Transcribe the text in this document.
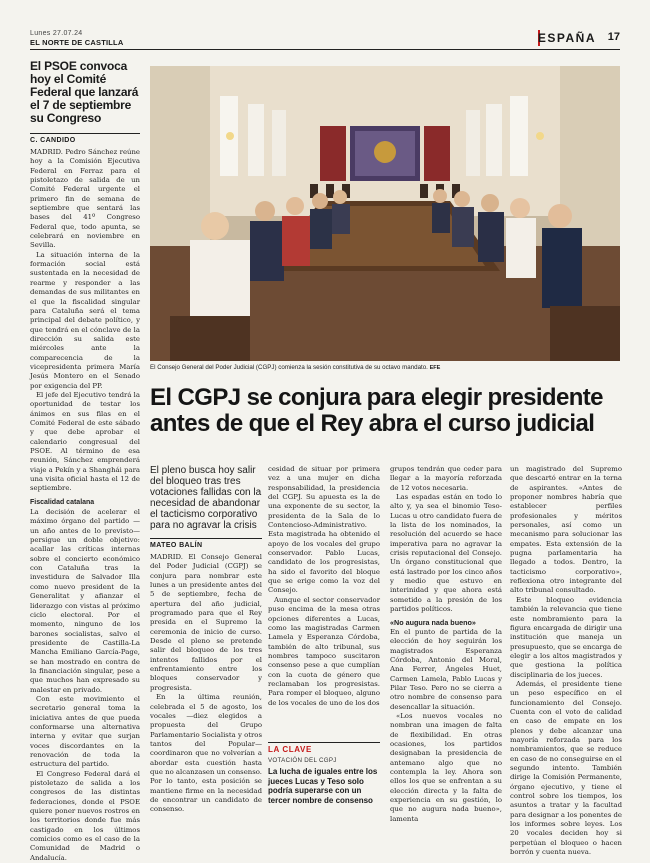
Lunes 27.07.24
EL NORTE DE CASTILLA	ESPAÑA 17
El PSOE convoca hoy el Comité Federal que lanzará el 7 de septiembre su Congreso
C. CANDIDO

MADRID. Pedro Sánchez reúne hoy a la Comisión Ejecutiva Federal en Ferraz para el pistoletazo de salida de un Comité Federal urgente el primero fin de semana de septiembre que sentará las bases del 41º Congreso Federal que, todo apunta, se celebrará en noviembre en Sevilla.

La situación interna de la formación social está sustentada en la necesidad de rearme y responder a las demandas de sus militantes en el que la fiscalidad singular para Cataluña será el tema principal del debate político, y que tendrá en el cónclave de la dirección su salida este miércoles ante la comparecencia de la vicepresidenta primera María Jesús Montero en el Senado por exigencia del PP.

El jefe del Ejecutivo tendrá la oportunidad de testar los ánimos en sus filas en el Comité Federal de este sábado y que debe aprobar el calendario congresual del PSOE. Al término de esa reunión, Sánchez emprenderá viaje a Pekín y a Shanghái para una visita oficial hasta el 12 de septiembre.

Fiscalidad catalana

La decisión de acelerar el máximo órgano del partido —un año antes de lo previsto— persigue un doble objetivo: acallar las críticas internas sobre el concierto económico con Cataluña tras la investidura de Salvador Illa como nuevo president de la Generalitat y afianzar el liderazgo con vistas al próximo ciclo electoral. Por el momento, ninguno de los barones socialistas, salvo el presidente de Castilla-La Mancha Emiliano García-Page, se han mostrado en contra de la financiación singular, pese a que muchos han expresado su malestar en privado.

Con este movimiento el secretario general toma la iniciativa antes de que pueda conformarse una alternativa interna y evitar que surjan voces discordantes en la renovación de toda la estructura del partido.

El Congreso Federal dará el pistoletazo de salida a los congresos de las distintas federaciones, donde el PSOE quiere poner nuevos rostros en los territorios donde fue más castigado en los últimos comicios como es el caso de la Comunidad de Madrid o Andalucía.

El Consejo General del Poder Judicial (CGPJ) comienza la sesión constitutiva de su octavo mandato. EFE
El CGPJ se conjura para elegir presidente antes de que el Rey abra el curso judicial
El pleno busca hoy salir del bloqueo tras tres votaciones fallidas con la necesidad de abandonar el tacticismo corporativo para no agravar la crisis
MATEO BALÍN

MADRID. El Consejo General del Poder Judicial (CGPJ) se conjura para nombrar este lunes a un presidente antes del 5 de septiembre, fecha de apertura del año judicial, programado para que el Rey presida en el Supremo la ceremonia de inicio de curso. Desde el pleno se pretende salir del bloqueo de los tres intentos fallidos por el enfrentamiento entre los bloques conservador y progresista.

En la última reunión, celebrada el 5 de agosto, los vocales —diez elegidos a propuesta del Grupo Parlamentario Socialista y otros tantos del Popular— coordinaron que no volverían a abordar esta cuestión hasta que no alcanzasen un consenso. Por lo tanto, esta posición se mantiene firme en la necesidad de encontrar un candidato de consenso.

cesidad de situar por primera vez a una mujer en dicha responsabilidad, la presidencia del CGPJ. Su apuesta es la de una exponente de su sector, la presidenta de la Sala de lo Contencioso-Administrativo. Esta magistrada ha obtenido el apoyo de los vocales del grupo conservador. Pablo Lucas, candidato de los progresistas, ha sido el favorito del bloque que se erige como la voz del Consejo.

Aunque el sector conservador puso encima de la mesa otras opciones diferentes a Lucas, como las magistradas Carmen Lamela y Esperanza Córdoba, también de alto tribunal, sus nombres tampoco suscitaron consenso pese a que cumplían con la cuota de género que reclamaban los progresistas. Para romper el bloqueo, alguno de los vocales de uno de los dos

LA CLAVE
VOTACIÓN DEL CGPJ
La lucha de iguales entre los jueces Lucas y Teso solo podría superarse con un tercer nombre de consenso

grupos tendrán que ceder para llegar a la mayoría reforzada de 12 votos necesaria.

Las espadas están en todo lo alto y, ya sea el binomio Teso-Lucas u otro candidato fuera de la lista de los nominados, la resolución del acuerdo se hace imperativa para no agravar la crisis reputacional del Consejo. Un órgano constitucional que está lastrado por los cinco años y medio que estuvo en interinidad y que ahora está sometido a la presión de los partidos políticos.

«No augura nada bueno»

En el punto de partida de la elección de hoy seguirán los magistrados Esperanza Córdoba, Antonio del Moral, Ana Ferrer, Ángeles Huet, Carmen Lamela, Pablo Lucas y Pilar Teso. Pero no se cierra a otro nombre de consenso para desencallar la situación.

«Los nuevos vocales no nombran una imagen de falta de flexibilidad. En otras ocasiones, los partidos designaban la presidencia de antemano algo que no contempla la ley. Ahora son ellos los que se enfrentan a su elección directa y la falta de experiencia en su gestión, lo que no augura nada bueno», lamenta

un magistrado del Supremo que descartó entrar en la terna de aspirantes. «Antes de proponer nombres habría que establecer perfiles profesionales y méritos personales, así como un mecanismo para solucionar las empates. Esta extensión de la pugna parlamentaria ha llegado a todos. Dentro, la tacticismo corporativo», reflexiona otro integrante del alto tribunal consultado.

Este bloqueo evidencia también la relevancia que tiene este nombramiento para la figura encargada de dirigir una institución que maneja un presupuesto, que se encarga de elegir a los altos magistrados y que gestiona la política disciplinaria de los jueces.

Además, el presidente tiene un peso específico en el funcionamiento del Consejo. Cuenta con el voto de calidad en caso de empate en los plenos y debe alcanzar una mayoría reforzada para los nombramientos, que se reduce en caso de no conseguirse en el segundo intento. También dirige la Comisión Permanente, órgano ejecutivo, y tiene el control sobre los tiempos, los asuntos a tratar y la facultad para designar a los ponentes de los informes sobre leyes. Los 20 vocales deciden hoy si perpetúan el bloqueo o hacen borrón y cuenta nueva.
